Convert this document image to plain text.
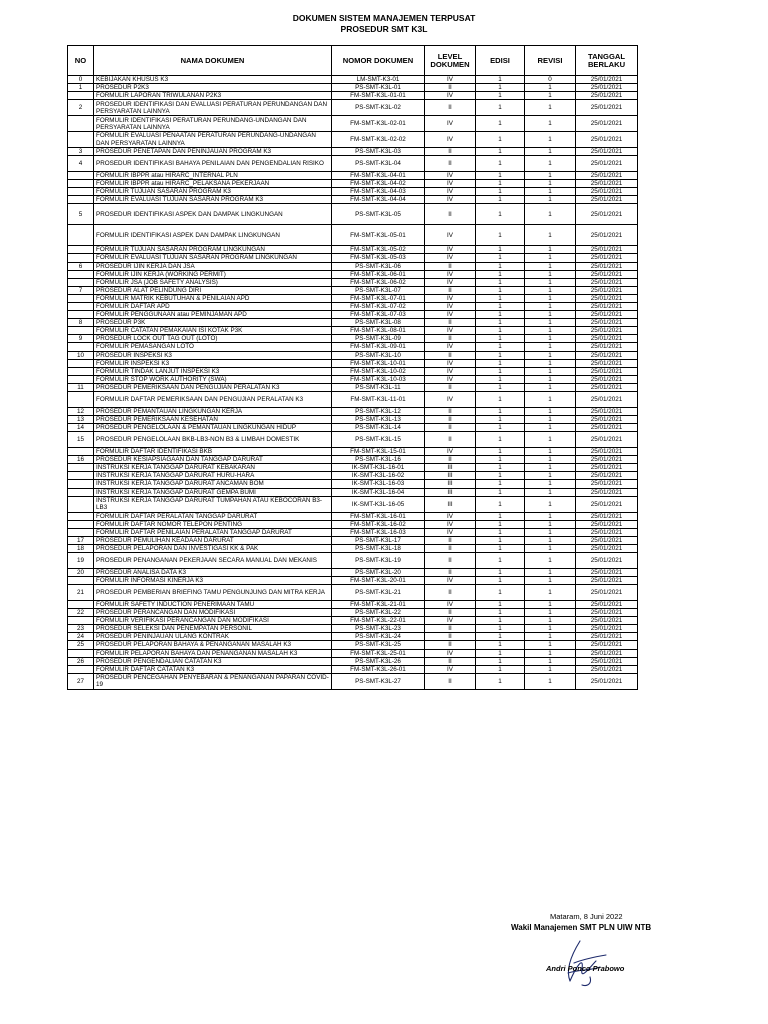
DOKUMEN SISTEM MANAJEMEN TERPUSAT
PROSEDUR SMT K3L
NO	NAMA DOKUMEN	NOMOR DOKUMEN	LEVEL DOKUMEN	EDISI	REVISI	TANGGAL BERLAKU
0	KEBIJAKAN KHUSUS K3	LM-SMT-K3-01	IV	1	0	25/01/2021
1	PROSEDUR P2K3	PS-SMT-K3L-01	II	1	1	25/01/2021
	FORMULIR LAPORAN TRIWULANAN P2K3	FM-SMT-K3L-01-01	IV	1	1	25/01/2021
2	PROSEDUR IDENTIFIKASI DAN EVALUASI PERATURAN PERUNDANGAN DAN PERSYARATAN LAINNYA	PS-SMT-K3L-02	II	1	1	25/01/2021
	FORMULIR IDENTIFIKASI PERATURAN PERUNDANG-UNDANGAN DAN PERSYARATAN LAINNYA	FM-SMT-K3L-02-01	IV	1	1	25/01/2021
	FORMULIR EVALUASI PENAATAN PERATURAN PERUNDANG-UNDANGAN DAN PERSYARATAN LAINNYA	FM-SMT-K3L-02-02	IV	1	1	25/01/2021
3	PROSEDUR PENETAPAN DAN PENINJAUAN PROGRAM K3	PS-SMT-K3L-03	II	1	1	25/01/2021
4	PROSEDUR IDENTIFIKASI BAHAYA PENILAIAN DAN PENGENDALIAN RISIKO	PS-SMT-K3L-04	II	1	1	25/01/2021
	FORMULIR IBPPR atau HIRARC_INTERNAL PLN	FM-SMT-K3L-04-01	IV	1	1	25/01/2021
	FORMULIR IBPPR atau HIRARC_PELAKSANA PEKERJAAN	FM-SMT-K3L-04-02	IV	1	1	25/01/2021
	FORMULIR TUJUAN SASARAN PROGRAM K3	FM-SMT-K3L-04-03	IV	1	1	25/01/2021
	FORMULIR EVALUASI TUJUAN SASARAN PROGRAM K3	FM-SMT-K3L-04-04	IV	1	1	25/01/2021
5	PROSEDUR IDENTIFIKASI ASPEK DAN DAMPAK LINGKUNGAN	PS-SMT-K3L-05	II	1	1	25/01/2021
	FORMULIR IDENTIFIKASI ASPEK DAN DAMPAK LINGKUNGAN	FM-SMT-K3L-05-01	IV	1	1	25/01/2021
	FORMULIR TUJUAN SASARAN PROGRAM LINGKUNGAN	FM-SMT-K3L-05-02	IV	1	1	25/01/2021
	FORMULIR EVALUASI TUJUAN SASARAN PROGRAM LINGKUNGAN	FM-SMT-K3L-05-03	IV	1	1	25/01/2021
6	PROSEDUR IJIN KERJA DAN JSA	PS-SMT-K3L-06	II	1	1	25/01/2021
	FORMULIR IJIN KERJA (WORKING PERMIT)	FM-SMT-K3L-06-01	IV	1	1	25/01/2021
	FORMULIR JSA (JOB SAFETY ANALYSIS)	FM-SMT-K3L-06-02	IV	1	1	25/01/2021
7	PROSEDUR ALAT PELINDUNG DIRI	PS-SMT-K3L-07	II	1	1	25/01/2021
	FORMULIR MATRIK KEBUTUHAN & PENILAIAN APD	FM-SMT-K3L-07-01	IV	1	1	25/01/2021
	FORMULIR DAFTAR APD	FM-SMT-K3L-07-02	IV	1	1	25/01/2021
	FORMULIR PENGGUNAAN atau PEMINJAMAN APD	FM-SMT-K3L-07-03	IV	1	1	25/01/2021
8	PROSEDUR P3K	PS-SMT-K3L-08	II	1	1	25/01/2021
	FORMULIR CATATAN PEMAKAIAN ISI KOTAK P3K	FM-SMT-K3L-08-01	IV	1	1	25/01/2021
9	PROSEDUR LOCK OUT TAG OUT (LOTO)	PS-SMT-K3L-09	II	1	1	25/01/2021
	FORMULIR PEMASANGAN LOTO	FM-SMT-K3L-09-01	IV	1	1	25/01/2021
10	PROSEDUR INSPEKSI K3	PS-SMT-K3L-10	II	1	1	25/01/2021
	FORMULIR INSPEKSI K3	FM-SMT-K3L-10-01	IV	1	1	25/01/2021
	FORMULIR TINDAK LANJUT INSPEKSI K3	FM-SMT-K3L-10-02	IV	1	1	25/01/2021
	FORMULIR STOP WORK AUTHORITY (SWA)	FM-SMT-K3L-10-03	IV	1	1	25/01/2021
11	PROSEDUR PEMERIKSAAN DAN PENGUJIAN PERALATAN K3	PS-SMT-K3L-11	II	1	1	25/01/2021
	FORMULIR DAFTAR PEMERIKSAAN DAN PENGUJIAN PERALATAN K3	FM-SMT-K3L-11-01	IV	1	1	25/01/2021
12	PROSEDUR PEMANTAUAN LINGKUNGAN KERJA	PS-SMT-K3L-12	II	1	1	25/01/2021
13	PROSEDUR PEMERIKSAAN KESEHATAN	PS-SMT-K3L-13	II	1	1	25/01/2021
14	PROSEDUR PENGELOLAAN & PEMANTAUAN LINGKUNGAN HIDUP	PS-SMT-K3L-14	II	1	1	25/01/2021
15	PROSEDUR PENGELOLAAN BKB-LB3-NON B3 & LIMBAH DOMESTIK	PS-SMT-K3L-15	II	1	1	25/01/2021
	FORMULIR DAFTAR IDENTIFIKASI BKB	FM-SMT-K3L-15-01	IV	1	1	25/01/2021
16	PROSEDUR KESIAPSIAGAAN DAN TANGGAP DARURAT	PS-SMT-K3L-16	II	1	1	25/01/2021
	INSTRUKSI KERJA TANGGAP DARURAT KEBAKARAN	IK-SMT-K3L-16-01	III	1	1	25/01/2021
	INSTRUKSI KERJA TANGGAP DARURAT HURU-HARA	IK-SMT-K3L-16-02	III	1	1	25/01/2021
	INSTRUKSI KERJA TANGGAP DARURAT ANCAMAN BOM	IK-SMT-K3L-16-03	III	1	1	25/01/2021
	INSTRUKSI KERJA TANGGAP DARURAT GEMPA BUMI	IK-SMT-K3L-16-04	III	1	1	25/01/2021
	INSTRUKSI KERJA TANGGAP DARURAT TUMPAHAN ATAU KEBOCORAN B3-LB3	IK-SMT-K3L-16-05	III	1	1	25/01/2021
	FORMULIR DAFTAR PERALATAN TANGGAP DARURAT	FM-SMT-K3L-16-01	IV	1	1	25/01/2021
	FORMULIR DAFTAR NOMOR TELEPON PENTING	FM-SMT-K3L-16-02	IV	1	1	25/01/2021
	FORMULIR DAFTAR PENILAIAN PERALATAN TANGGAP DARURAT	FM-SMT-K3L-16-03	IV	1	1	25/01/2021
17	PROSEDUR PEMULIHAN KEADAAN DARURAT	PS-SMT-K3L-17	II	1	1	25/01/2021
18	PROSEDUR PELAPORAN DAN INVESTIGASI KK & PAK	PS-SMT-K3L-18	II	1	1	25/01/2021
19	PROSEDUR PENANGANAN PEKERJAAN SECARA MANUAL DAN MEKANIS	PS-SMT-K3L-19	II	1	1	25/01/2021
20	PROSEDUR ANALISA DATA K3	PS-SMT-K3L-20	II	1	1	25/01/2021
	FORMULIR INFORMASI KINERJA K3	FM-SMT-K3L-20-01	IV	1	1	25/01/2021
21	PROSEDUR PEMBERIAN BRIEFING TAMU PENGUNJUNG DAN MITRA KERJA	PS-SMT-K3L-21	II	1	1	25/01/2021
	FORMULIR SAFETY INDUCTION PENERIMAAN TAMU	FM-SMT-K3L-21-01	IV	1	1	25/01/2021
22	PROSEDUR PERANCANGAN DAN MODIFIKASI	PS-SMT-K3L-22	II	1	1	25/01/2021
	FORMULIR VERIFIKASI PERANCANGAN DAN MODIFIKASI	FM-SMT-K3L-22-01	IV	1	1	25/01/2021
23	PROSEDUR SELEKSI DAN PENEMPATAN PERSONIL	PS-SMT-K3L-23	II	1	1	25/01/2021
24	PROSEDUR PENINJAUAN ULANG KONTRAK	PS-SMT-K3L-24	II	1	1	25/01/2021
25	PROSEDUR PELAPORAN BAHAYA & PENANGANAN MASALAH K3	PS-SMT-K3L-25	II	1	1	25/01/2021
	FORMULIR PELAPORAN BAHAYA DAN PENANGANAN MASALAH K3	FM-SMT-K3L-25-01	IV	1	1	25/01/2021
26	PROSEDUR PENGENDALIAN CATATAN K3	PS-SMT-K3L-26	II	1	1	25/01/2021
	FORMULIR DAFTAR CATATAN K3	FM-SMT-K3L-26-01	IV	1	1	25/01/2021
27	PROSEDUR PENCEGAHAN PENYEBARAN & PENANGANAN PAPARAN COVID-19	PS-SMT-K3L-27	II	1	1	25/01/2021
Mataram, 8 Juni 2022
Wakil Manajemen SMT PLN UIW NTB
Andri Ponco Prabowo
